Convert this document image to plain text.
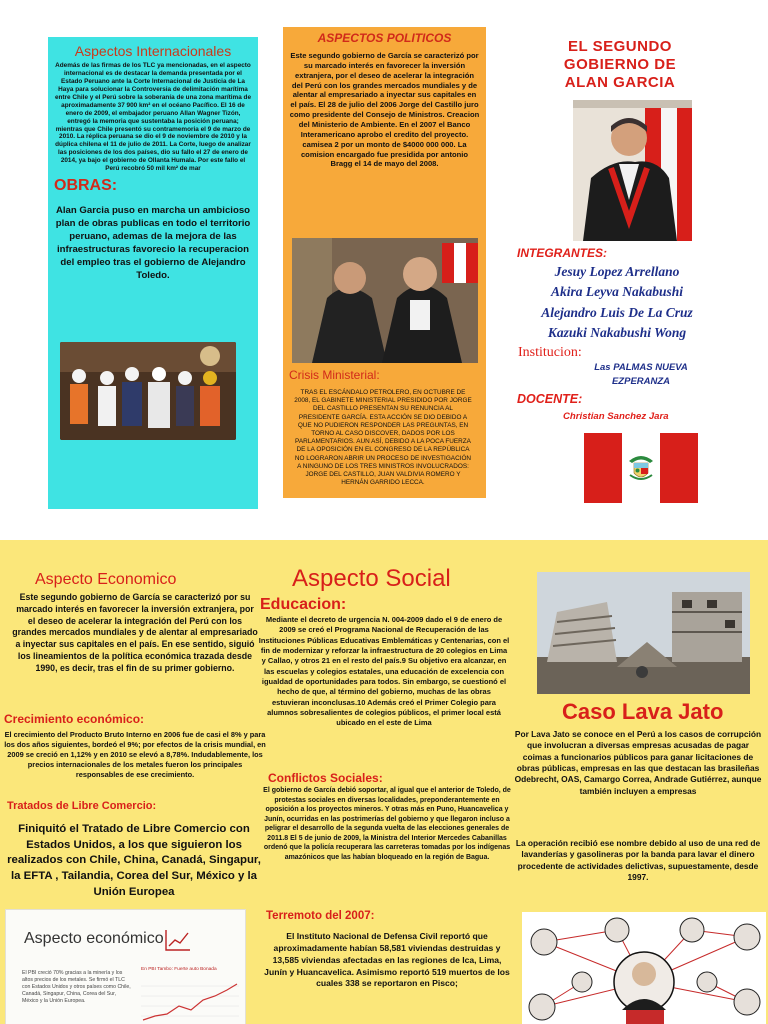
Aspectos Internacionales

Además de las firmas de los TLC ya mencionadas, en el aspecto internacional es de destacar la demanda presentada por el Estado Peruano ante la Corte Internacional de Justicia de La Haya para solucionar la Controversia de delimitación marítima entre Chile y el Perú sobre la soberanía de una zona marítima de aproximadamente 37 900 km² en el océano Pacífico. El 16 de enero de 2009, el embajador peruano Allan Wagner Tizón, entregó la memoria que sustentaba la posición peruana; mientras que Chile presentó su contramemoria el 9 de marzo de 2010. La réplica peruana se dio el 9 de noviembre de 2010 y la dúplica chilena el 11 de julio de 2011. La Corte, luego de analizar las posiciones de los dos países, dio su fallo el 27 de enero de 2014, ya bajo el gobierno de Ollanta Humala. Por este fallo el Perú recobró 50 mil km² de mar

OBRAS:

Alan Garcia puso en marcha un ambicioso plan de obras publicas en todo el territorio peruano, ademas de la mejora de las infraestructuras favorecio la recuperacion del empleo tras el gobierno de Alejandro Toledo.

ASPECTOS POLITICOS

Este segundo gobierno de García se caracterizó por su marcado interés en favorecer la inversión extranjera, por el deseo de acelerar la integración del Perú con los grandes mercados mundiales y de alentar al empresariado a inyectar sus capitales en el país. El 28 de julio del 2006 Jorge del Castillo juro como presidente del Consejo de Ministros. Creacion del Ministerio de Ambiente. En el 2007 el Banco Interamericano aprobo el credito del proyecto. camisea 2 por un monto de $4000 000 000. La comision encargado fue presidida por antonio Bragg el 14 de mayo del 2008.

Crisis Ministerial:

TRAS EL ESCÁNDALO PETROLERO, EN OCTUBRE DE 2008, EL GABINETE MINISTERIAL PRESIDIDO POR JORGE DEL CASTILLO PRESENTAN SU RENUNCIA AL PRESIDENTE GARCÍA. ESTA ACCIÓN SE DIO DEBIDO A QUE NO PUDIERON RESPONDER LAS PREGUNTAS, EN TORNO AL CASO DISCOVER, DADOS POR LOS PARLAMENTARIOS. AUN ASÍ, DEBIDO A LA POCA FUERZA DE LA OPOSICIÓN EN EL CONGRESO DE LA REPÚBLICA NO LOGRARON ABRIR UN PROCESO DE INVESTIGACIÓN A NINGUNO DE LOS TRES MINISTROS INVOLUCRADOS: JORGE DEL CASTILLO, JUAN VALDIVIA ROMERO Y HERNÁN GARRIDO LECCA.

EL SEGUNDO
GOBIERNO DE
ALAN GARCIA
INTEGRANTES:
Jesuy Lopez Arrellano
Akira Leyva Nakabushi
Alejandro Luis De La Cruz
Kazuki Nakabushi Wong
Institucion:
Las PALMAS NUEVA EZPERANZA
DOCENTE:
Christian Sanchez Jara
Aspecto Economico

Este segundo gobierno de García se caracterizó por su marcado interés en favorecer la inversión extranjera, por el deseo de acelerar la integración del Perú con los grandes mercados mundiales y de alentar al empresariado a inyectar sus capitales en el país. En ese sentido, siguió los lineamientos de la política económica trazada desde 1990, es decir, tras el fin de su primer gobierno.

Crecimiento económico:

El crecimiento del Producto Bruto Interno en 2006 fue de casi el 8% y para los dos años siguientes, bordeó el 9%; por efectos de la crisis mundial, en 2009 se creció en 1,12% y en 2010 se elevó a 8,78%. Indudablemente, los precios internacionales de los metales fueron los principales responsables de ese crecimiento.

Tratados de Libre Comercio:

Finiquitó el Tratado de Libre Comercio con Estados Unidos, a los que siguieron los realizados con Chile, China, Canadá, Singapur, la EFTA , Tailandia, Corea del Sur, México y la Unión Europea

Aspecto económico

El PBI creció 70% gracias a la minería y los altos precios de los metales. Se firmó el TLC con Estados Unidos y otros países como Chile, Canadá, Singapur, China, Corea del Sur, México y la Unión Europea.

En PBI Tambo: Fuerte auto Bonada
Aspecto Social
Educacion:

Mediante el decreto de urgencia N. 004-2009 dado el 9 de enero de 2009 se creó el Programa Nacional de Recuperación de las Instituciones Públicas Educativas Emblemáticas y Centenarias, con el fin de modernizar y reforzar la infraestructura de 20 colegios en Lima y Callao, y otros 21 en el resto del país.9 Su objetivo era alcanzar, en las escuelas y colegios estatales, una educación de excelencia con igualdad de oportunidades para todos. Sin embargo, se cuestionó el hecho de que, al término del gobierno, muchas de las obras estuvieran inconclusas.10 Además creó el Primer Colegio para alumnos sobresalientes de colegios públicos, el primer local está ubicado en el este de Lima

Conflictos Sociales:

El gobierno de García debió soportar, al igual que el anterior de Toledo, de protestas sociales en diversas localidades, preponderantemente en oposición a los proyectos mineros. Y otras más en Puno, Huancavelica y Junín, ocurridas en las postrimerías del gobierno y que llegaron incluso a peligrar el desarrollo de la segunda vuelta de las elecciones generales de 2011.8 El 5 de junio de 2009, la Ministra del Interior Mercedes Cabanillas ordenó que la policía recuperara las carreteras tomadas por los indígenas amazónicos que las habían bloqueado en la región de Bagua.

Terremoto del 2007:

El Instituto Nacional de Defensa Civil reportó que aproximadamente habían 58,581 viviendas destruidas y 13,585 viviendas afectadas en las regiones de Ica, Lima, Junín y Huancavelica. Asimismo reportó 519 muertos de los cuales 338 se reportaron en Pisco;

Caso Lava Jato

Por Lava Jato se conoce en el Perú a los casos de corrupción que involucran a diversas empresas acusadas de pagar coimas a funcionarios públicos para ganar licitaciones de obras públicas, empresas en las que destacan las brasileñas Odebrecht, OAS, Camargo Correa, Andrade Gutiérrez, aunque también incluyen a empresas

La operación recibió ese nombre debido al uso de una red de lavanderías y gasolineras por la banda para lavar el dinero procedente de actividades delictivas, supuestamente, desde 1997.
